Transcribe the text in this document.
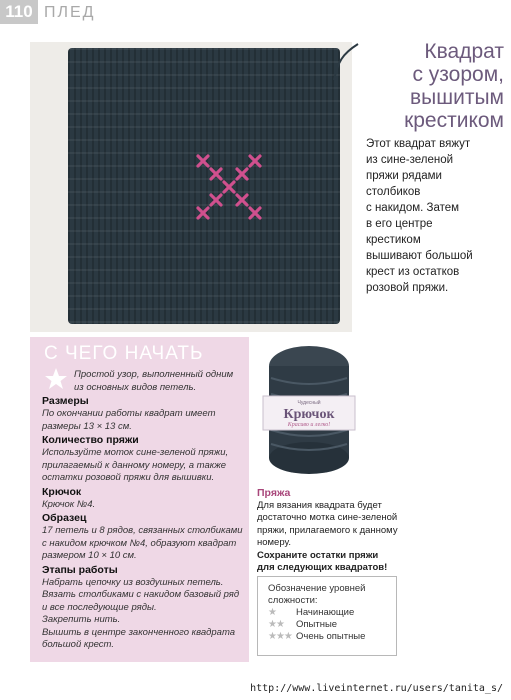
110 ПЛЕД
Квадрат
с узором,
вышитым
крестиком
Этот квадрат вяжут
из сине-зеленой
пряжи рядами
столбиков
с накидом. Затем
в его центре
крестиком
вышивают большой
крест из остатков
розовой пряжи.
С ЧЕГО НАЧАТЬ
Простой узор, выполненный одним
из основных видов петель.
Размеры
По окончании работы квадрат имеет
размеры 13 × 13 см.
Количество пряжи
Используйте моток сине-зеленой пряжи,
прилагаемый к данному номеру, а также
остатки розовой пряжи для вышивки.
Крючок
Крючок №4.
Образец
17 петель и 8 рядов, связанных столбиками
с накидом крючком №4, образуют квадрат
размером 10 × 10 см.
Этапы работы
Набрать цепочку из воздушных петель.
Вязать столбиками с накидом базовый ряд
и все последующие ряды.
Закрепить нить.
Вышить в центре законченного квадрата
большой крест.
Чудесный
Крючок
Красиво и легко!
Пряжа
Для вязания квадрата будет
достаточно мотка сине-зеленой
пряжи, прилагаемого к данному
номеру.
Сохраните остатки пряжи
для следующих квадратов!
Обозначение уровней
сложности:
★	Начинающие
★★	Опытные
★★★ Очень опытные
http://www.liveinternet.ru/users/tanita_s/
